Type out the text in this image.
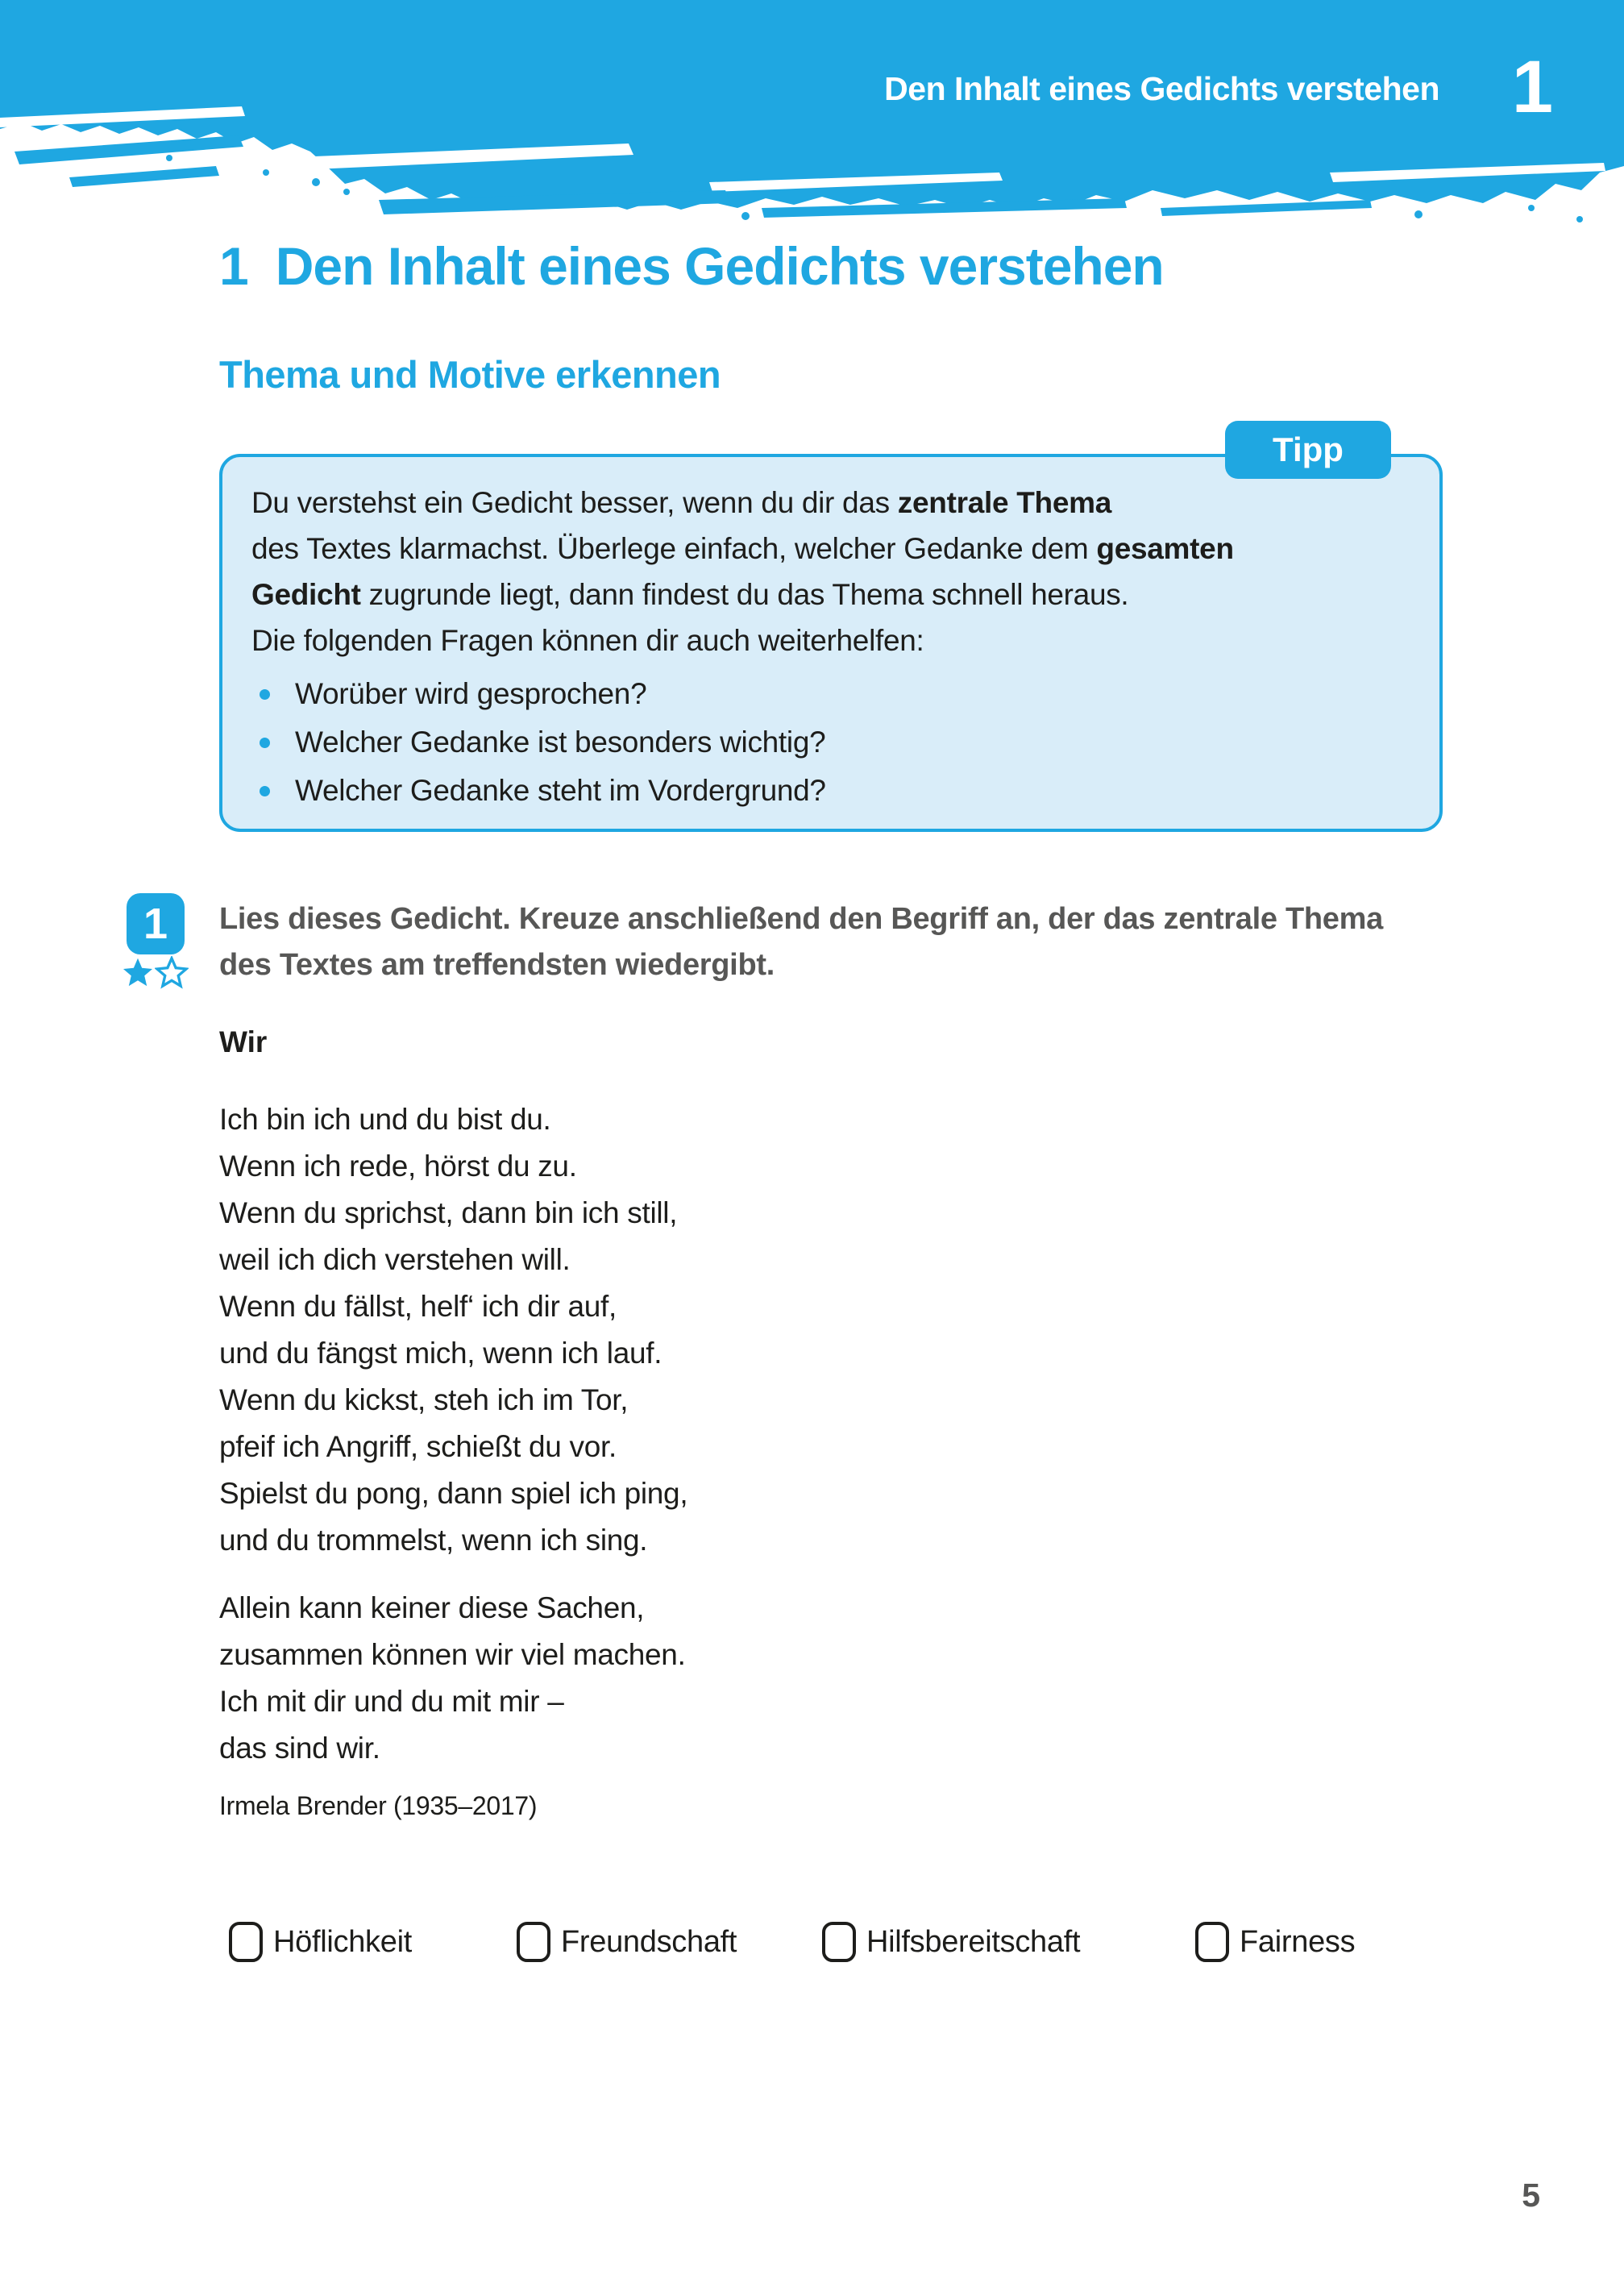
Den Inhalt eines Gedichts verstehen 1
1 Den Inhalt eines Gedichts verstehen
Thema und Motive erkennen
Tipp
Du verstehst ein Gedicht besser, wenn du dir das zentrale Thema
des Textes klarmachst. Überlege einfach, welcher Gedanke dem gesamten
Gedicht zugrunde liegt, dann findest du das Thema schnell heraus.
Die folgenden Fragen können dir auch weiterhelfen:
Worüber wird gesprochen?
Welcher Gedanke ist besonders wichtig?
Welcher Gedanke steht im Vordergrund?
1	Lies dieses Gedicht. Kreuze anschließend den Begriff an, der das zentrale Thema
des Textes am treffendsten wiedergibt.
Wir
Ich bin ich und du bist du.
Wenn ich rede, hörst du zu.
Wenn du sprichst, dann bin ich still,
weil ich dich verstehen will.
Wenn du fällst, helf‘ ich dir auf,
und du fängst mich, wenn ich lauf.
Wenn du kickst, steh ich im Tor,
pfeif ich Angriff, schießt du vor.
Spielst du pong, dann spiel ich ping,
und du trommelst, wenn ich sing.
Allein kann keiner diese Sachen,
zusammen können wir viel machen.
Ich mit dir und du mit mir –
das sind wir.
Irmela Brender (1935–2017)
Höflichkeit	Freundschaft	Hilfsbereitschaft	Fairness
5
